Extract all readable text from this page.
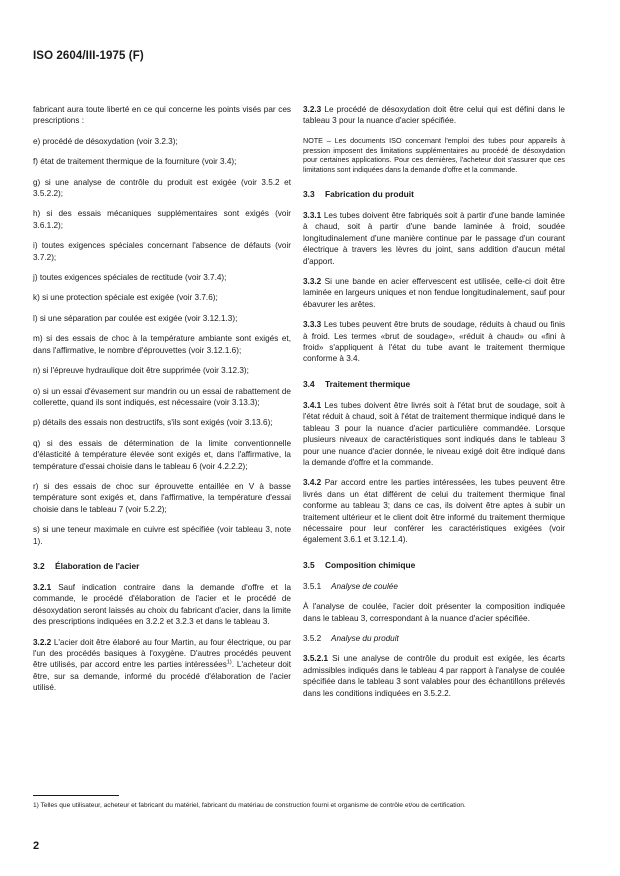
ISO 2604/III-1975 (F)

fabricant aura toute liberté en ce qui concerne les points visés par ces prescriptions :

e) procédé de désoxydation (voir 3.2.3);

f) état de traitement thermique de la fourniture (voir 3.4);

g) si une analyse de contrôle du produit est exigée (voir 3.5.2 et 3.5.2.2);

h) si des essais mécaniques supplémentaires sont exigés (voir 3.6.1.2);

i) toutes exigences spéciales concernant l'absence de défauts (voir 3.7.2);

j) toutes exigences spéciales de rectitude (voir 3.7.4);

k) si une protection spéciale est exigée (voir 3.7.6);

l) si une séparation par coulée est exigée (voir 3.12.1.3);

m) si des essais de choc à la température ambiante sont exigés et, dans l'affirmative, le nombre d'éprouvettes (voir 3.12.1.6);

n) si l'épreuve hydraulique doit être supprimée (voir 3.12.3);

o) si un essai d'évasement sur mandrin ou un essai de rabattement de collerette, quand ils sont indiqués, est nécessaire (voir 3.13.3);

p) détails des essais non destructifs, s'ils sont exigés (voir 3.13.6);

q) si des essais de détermination de la limite conventionnelle d'élasticité à température élevée sont exigés et, dans l'affirmative, la température d'essai choisie dans le tableau 6 (voir 4.2.2.2);

r) si des essais de choc sur éprouvette entaillée en V à basse température sont exigés et, dans l'affirmative, la température d'essai choisie dans le tableau 7 (voir 5.2.2);

s) si une teneur maximale en cuivre est spécifiée (voir tableau 3, note 1).

3.2 Élaboration de l'acier

3.2.1 Sauf indication contraire dans la demande d'offre et la commande, le procédé d'élaboration de l'acier et le procédé de désoxydation seront laissés au choix du fabricant d'acier, dans la limite des prescriptions indiquées en 3.2.2 et 3.2.3 et dans le tableau 3.

3.2.2 L'acier doit être élaboré au four Martin, au four électrique, ou par l'un des procédés basiques à l'oxygène. D'autres procédés peuvent être utilisés, par accord entre les parties intéressées$^{1)}$. L'acheteur doit être, sur sa demande, informé du procédé d'élaboration de l'acier utilisé.

3.2.3 Le procédé de désoxydation doit être celui qui est défini dans le tableau 3 pour la nuance d'acier spécifiée.

NOTE – Les documents ISO concernant l'emploi des tubes pour appareils à pression imposent des limitations supplémentaires au procédé de désoxydation pour certaines applications. Pour ces dernières, l'acheteur doit s'assurer que ces limitations sont indiquées dans la demande d'offre et la commande.

3.3 Fabrication du produit

3.3.1 Les tubes doivent être fabriqués soit à partir d'une bande laminée à chaud, soit à partir d'une bande laminée à froid, soudée longitudinalement d'une manière continue par le passage d'un courant électrique à travers les lèvres du joint, sans addition d'aucun métal d'apport.

3.3.2 Si une bande en acier effervescent est utilisée, celle-ci doit être laminée en largeurs uniques et non fendue longitudinalement, sauf pour ébavurer les arêtes.

3.3.3 Les tubes peuvent être bruts de soudage, réduits à chaud ou finis à froid. Les termes «brut de soudage», «réduit à chaud» ou «fini à froid» s'appliquent à l'état du tube avant le traitement thermique conforme à 3.4.

3.4 Traitement thermique

3.4.1 Les tubes doivent être livrés soit à l'état brut de soudage, soit à l'état réduit à chaud, soit à l'état de traitement thermique indiqué dans le tableau 3 pour la nuance d'acier particulière commandée. Lorsque plusieurs niveaux de caractéristiques sont indiqués dans le tableau 3 pour une nuance d'acier donnée, le niveau exigé doit être indiqué dans la demande d'offre et la commande.

3.4.2 Par accord entre les parties intéressées, les tubes peuvent être livrés dans un état différent de celui du traitement thermique final conforme au tableau 3; dans ce cas, ils doivent être aptes à subir un traitement ultérieur et le client doit être informé du traitement thermique nécessaire pour leur conférer les caractéristiques exigées (voir également 3.6.1 et 3.12.1.4).

3.5 Composition chimique
3.5.1 Analyse de coulée

À l'analyse de coulée, l'acier doit présenter la composition indiquée dans le tableau 3, correspondant à la nuance d'acier spécifiée.

3.5.2 Analyse du produit

3.5.2.1 Si une analyse de contrôle du produit est exigée, les écarts admissibles indiqués dans le tableau 4 par rapport à l'analyse de coulée spécifiée dans le tableau 3 sont valables pour des échantillons prélevés dans les conditions indiquées en 3.5.2.2.

1) Telles que utilisateur, acheteur et fabricant du matériel, fabricant du matériau de construction fourni et organisme de contrôle et/ou de certification.
2
